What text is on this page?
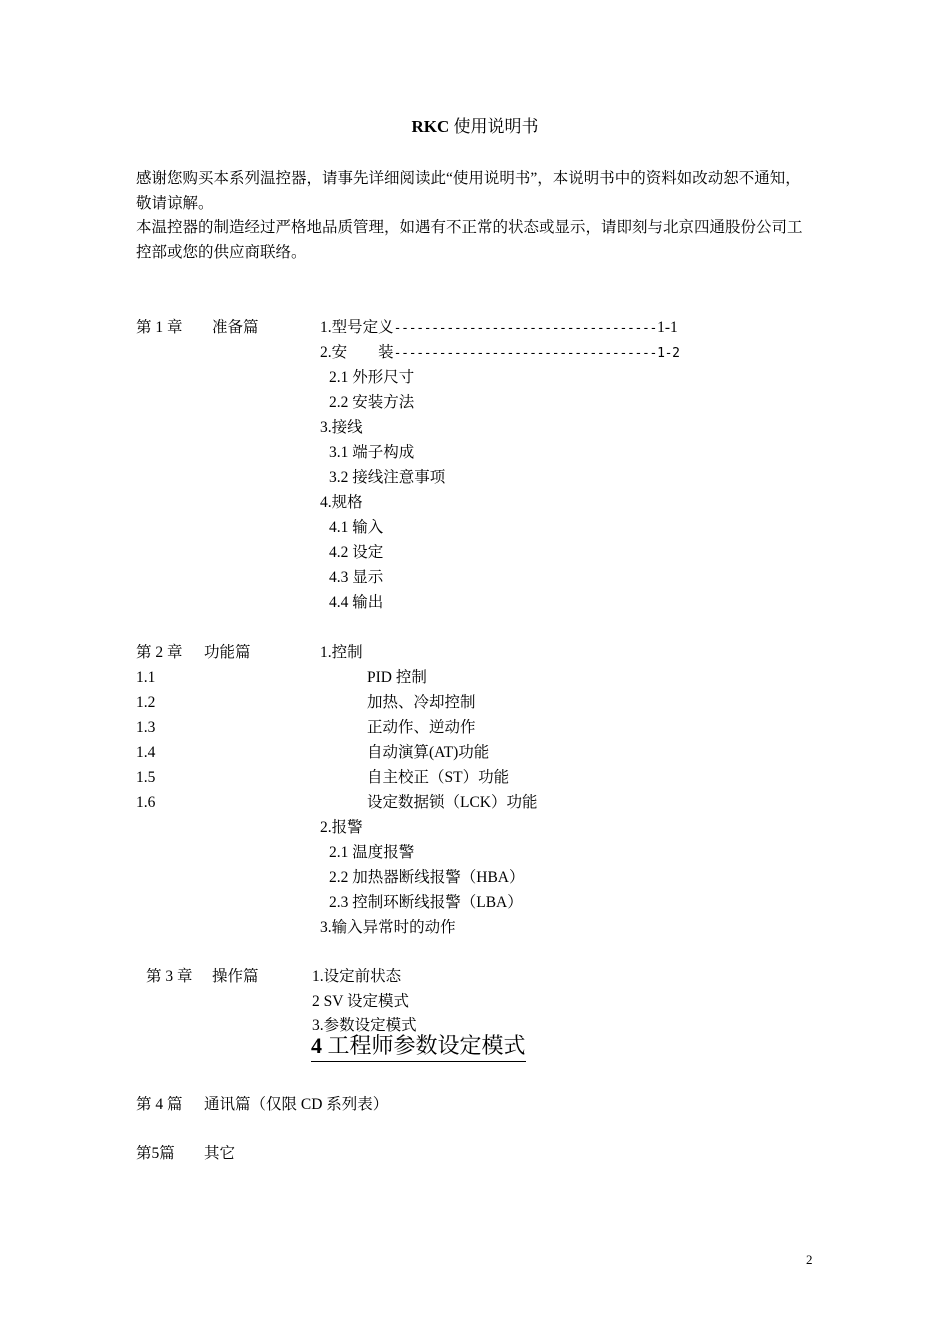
RKC 使用说明书
感谢您购买本系列温控器，请事先详细阅读此“使用说明书”，本说明书中的资料如改动恕不通知，敬请谅解。
本温控器的制造经过严格地品质管理，如遇有不正常的状态或显示，请即刻与北京四通股份公司工控部或您的供应商联络。
第 1 章 准备篇	1.型号定义-----------------------------------1-1
2.安　　装-----------------------------------1-2
2.1 外形尺寸
2.2 安装方法
3.接线
3.1 端子构成
3.2 接线注意事项
4.规格
4.1 输入
4.2 设定
4.3 显示
4.4 输出
第 2 章 功能篇	1.控制
1.1	PID 控制
1.2	加热、冷却控制
1.3	正动作、逆动作
1.4	自动演算(AT)功能
1.5	自主校正（ST）功能
1.6	设定数据锁（LCK）功能
2.报警
2.1 温度报警
2.2 加热器断线报警（HBA）
2.3 控制环断线报警（LBA）
3.输入异常时的动作
第 3 章 操作篇	1.设定前状态
2 SV 设定模式
3.参数设定模式
4 工程师参数设定模式
第 4 篇 通讯篇（仅限 CD 系列表）
第5篇 其它
2
